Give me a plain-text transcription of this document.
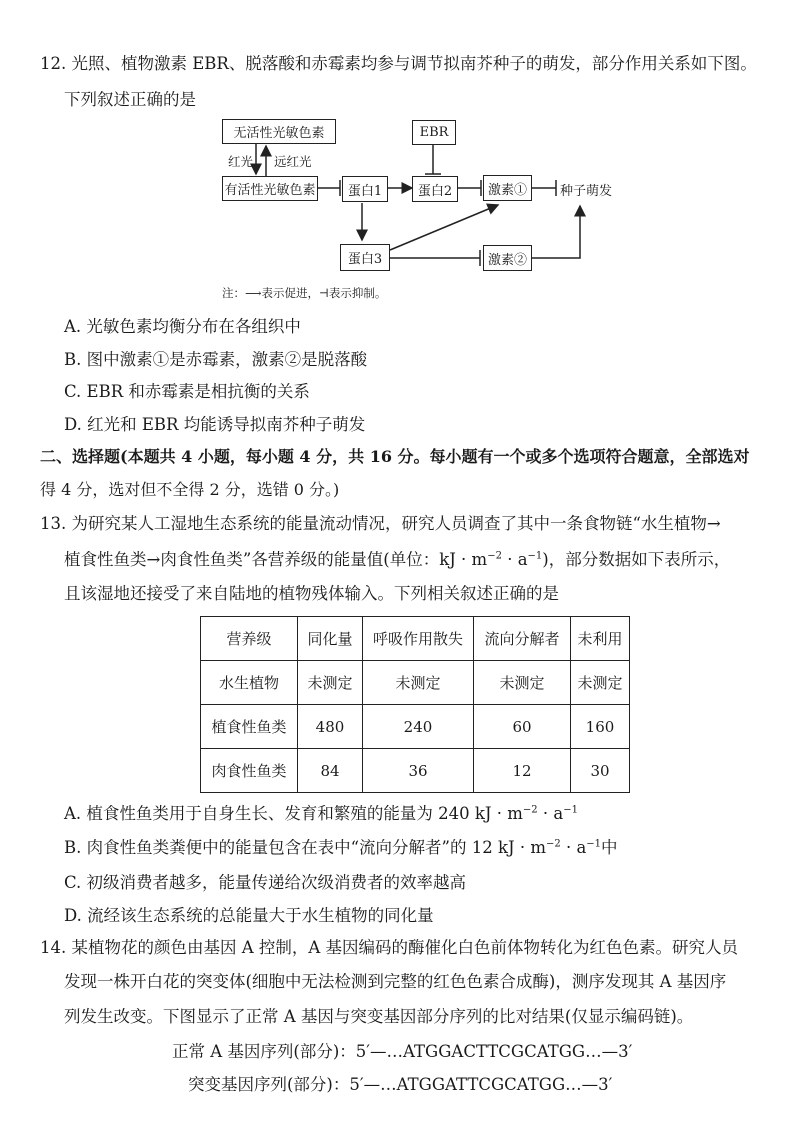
12. 光照、植物激素 EBR、脱落酸和赤霉素均参与调节拟南芥种子的萌发，部分作用关系如下图。
下列叙述正确的是
无活性光敏色素
红光 远红光
有活性光敏色素
EBR
蛋白1	蛋白2	激素①	种子萌发
蛋白3	激素②
注：⟶表示促进，⊣表示抑制。
A. 光敏色素均衡分布在各组织中
B. 图中激素①是赤霉素，激素②是脱落酸
C. EBR 和赤霉素是相抗衡的关系
D. 红光和 EBR 均能诱导拟南芥种子萌发
二、选择题(本题共 4 小题，每小题 4 分，共 16 分。每小题有一个或多个选项符合题意，全部选对
得 4 分，选对但不全得 2 分，选错 0 分。)
13. 为研究某人工湿地生态系统的能量流动情况，研究人员调查了其中一条食物链“水生植物→
植食性鱼类→肉食性鱼类”各营养级的能量值(单位：kJ · $m^{-2} \cdot a^{-1}$)，部分数据如下表所示，
且该湿地还接受了来自陆地的植物残体输入。下列相关叙述正确的是
营养级	同化量	呼吸作用散失	流向分解者	未利用
水生植物	未测定	未测定	未测定	未测定
植食性鱼类	480	240	60	160
肉食性鱼类	84	36	12	30
A. 植食性鱼类用于自身生长、发育和繁殖的能量为 240 kJ · $m^{-2} \cdot a^{-1}$
B. 肉食性鱼类粪便中的能量包含在表中“流向分解者”的 12 kJ · $m^{-2} \cdot a^{-1}$中
C. 初级消费者越多，能量传递给次级消费者的效率越高
D. 流经该生态系统的总能量大于水生植物的同化量
14. 某植物花的颜色由基因 A 控制，A 基因编码的酶催化白色前体物转化为红色色素。研究人员
发现一株开白花的突变体(细胞中无法检测到完整的红色色素合成酶)，测序发现其 A 基因序
列发生改变。下图显示了正常 A 基因与突变基因部分序列的比对结果(仅显示编码链)。
正常 A 基因序列(部分)：5′—…ATGGACTTCGCATGG…—3′
突变基因序列(部分)：5′—…ATGGATTCGCATGG…—3′
